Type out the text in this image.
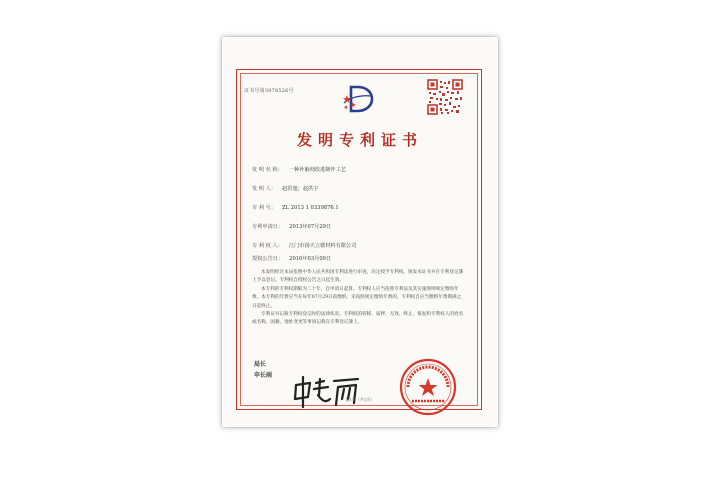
证书号第3978526号
发明专利证书
发 明 名 称： 一种补脑剂改进制作工艺
发 明 人： 赵洪旭；赵洪宇
专 利 号： ZL 2013 1 0339876.1
专利申请日： 2013年07月29日
专 利 权 人： 江门市扬天立德材料有限公司
授权公告日： 2016年03月09日

本发明经过本局依照中华人民共和国专利法进行审查，决定授予专利权，颁发本证书并在专利登记簿上予以登记。专利权自授权公告之日起生效。

本专利的专利权期限为二十年，自申请日起算。专利权人应当依照专利法及其实施细则规定缴纳年费。本专利的年费应当在每年07月29日前缴纳。未按照规定缴纳年费的，专利权自应当缴纳年费期满之日起终止。

专利证书记载专利权登记时的法律状况。专利权的转移、质押、无效、终止、恢复和专利权人的姓名或名称、国籍、地址变更等事项记载在专利登记簿上。

局长
申长雨
第1页（共1页）
